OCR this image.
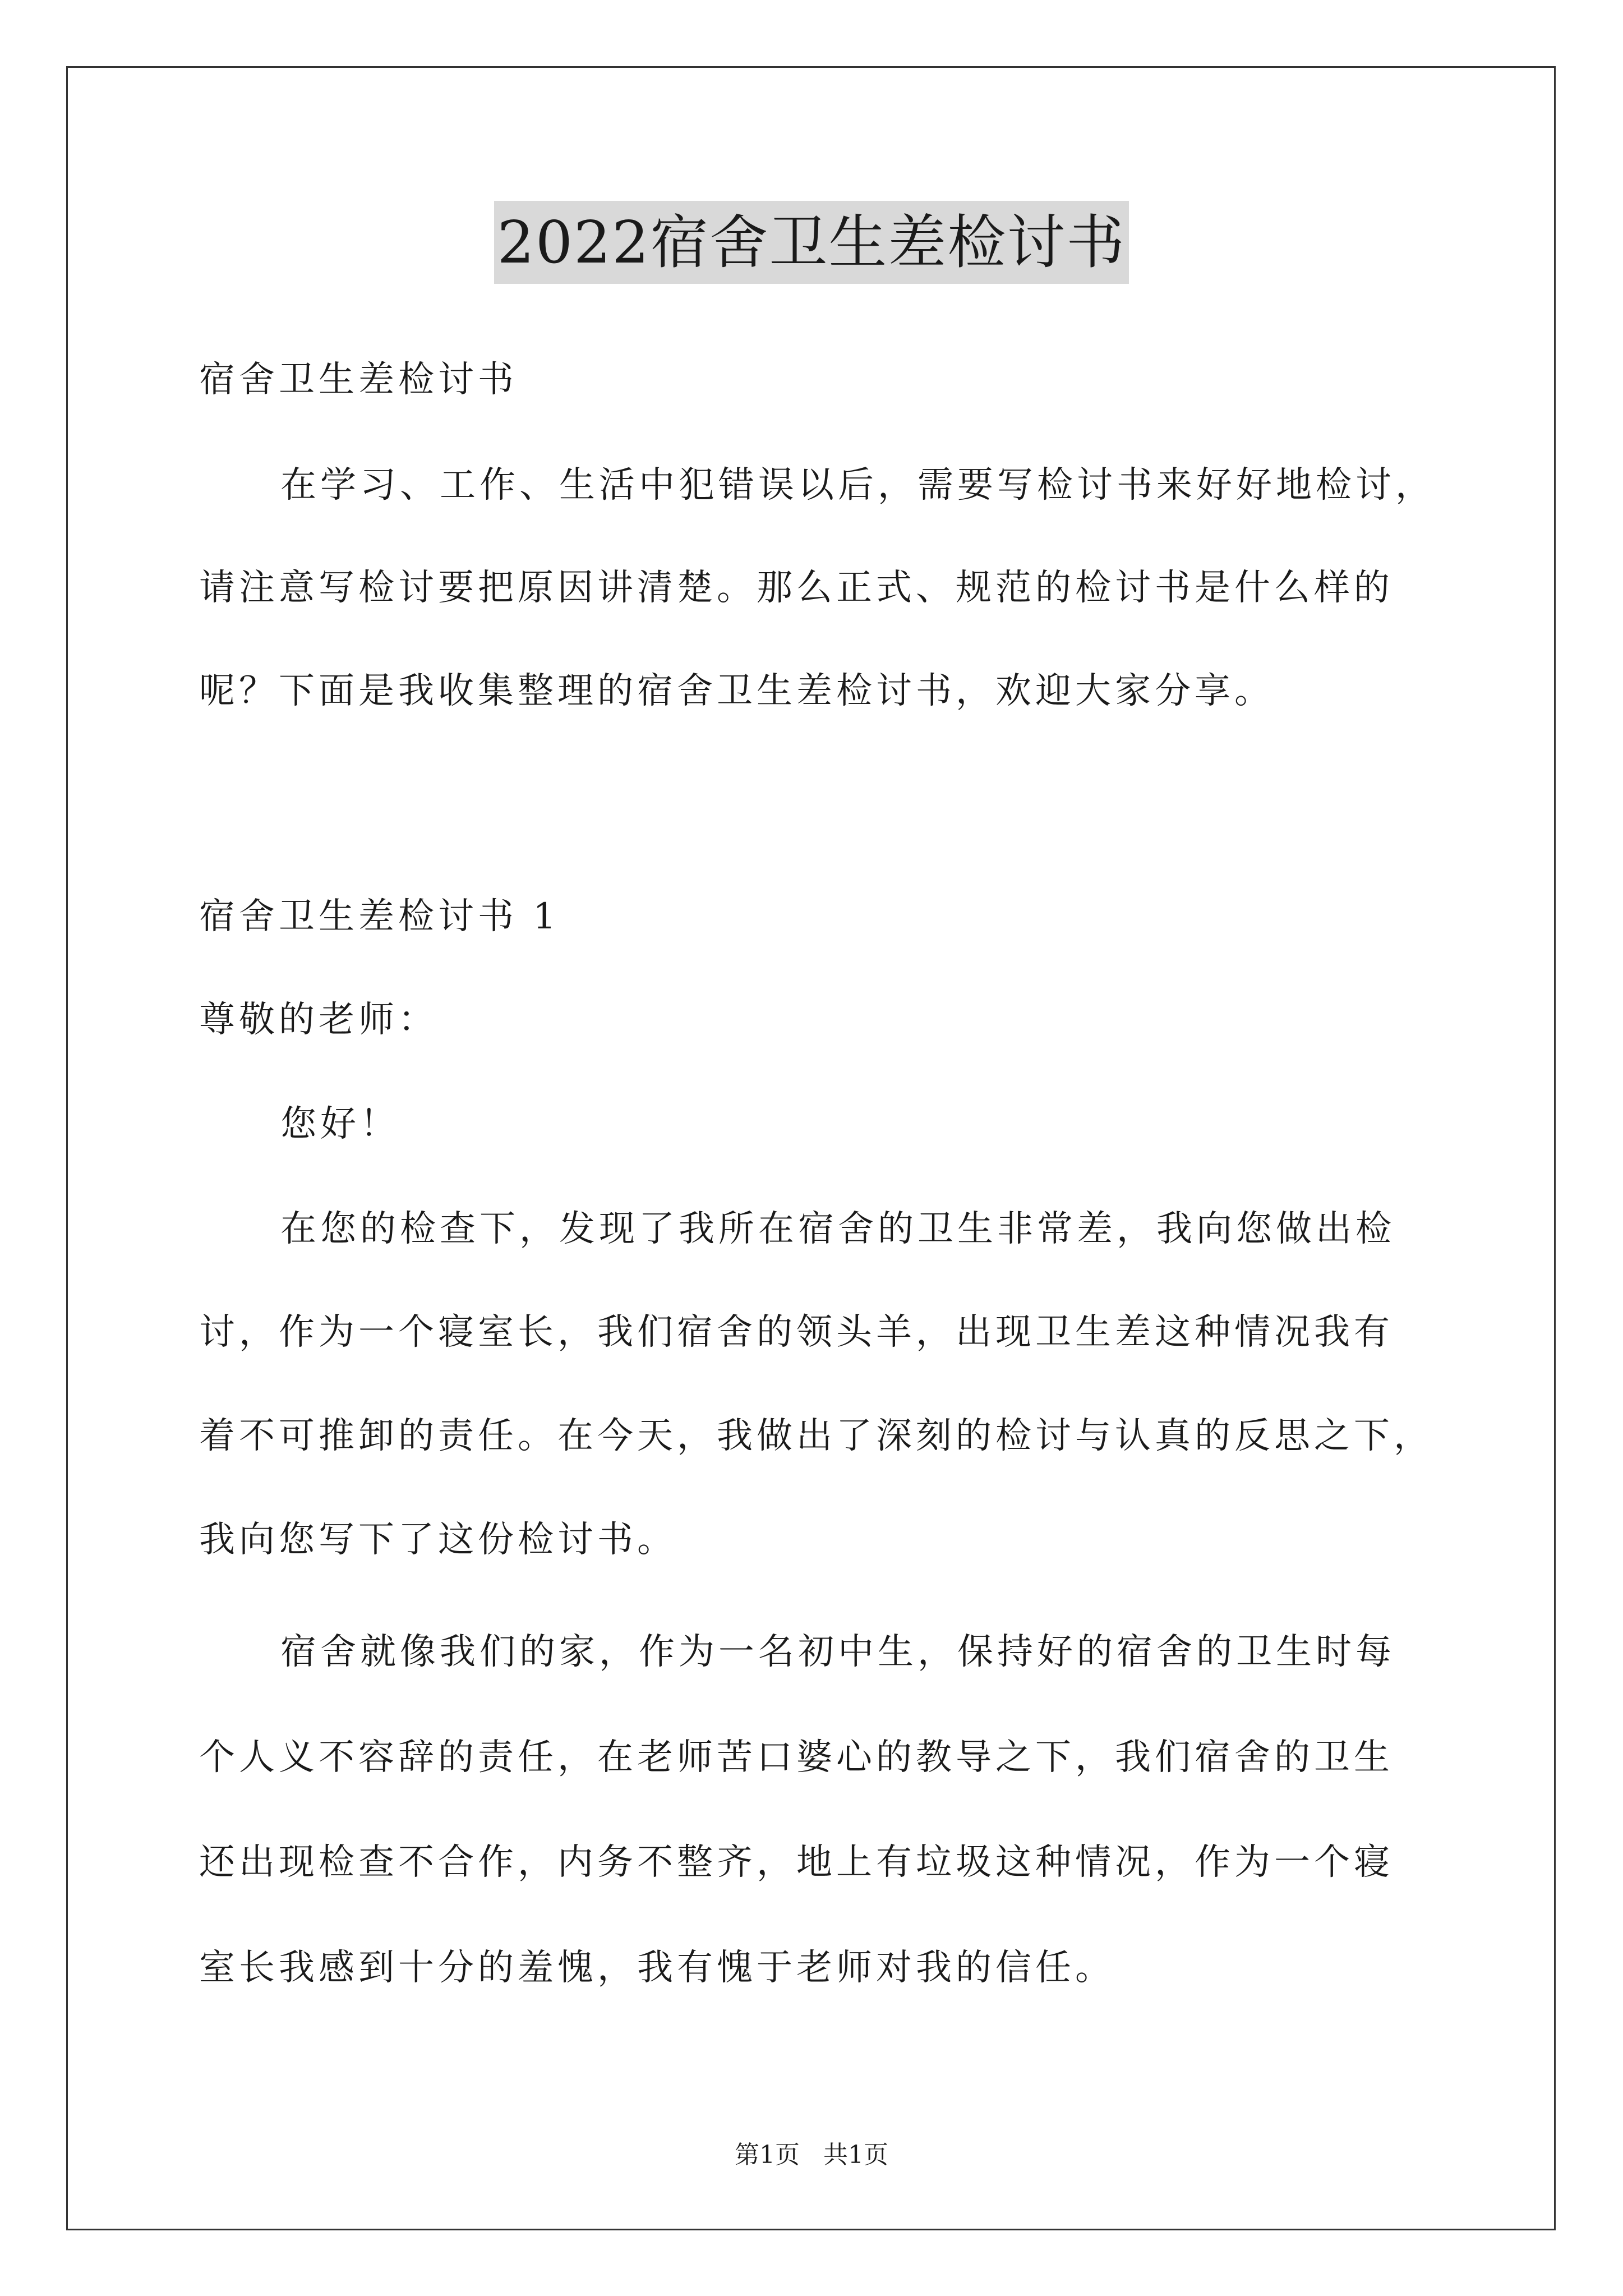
2022宿舍卫生差检讨书
宿舍卫生差检讨书
在学习、工作、生活中犯错误以后，需要写检讨书来好好地检讨，
请注意写检讨要把原因讲清楚。那么正式、规范的检讨书是什么样的
呢？下面是我收集整理的宿舍卫生差检讨书，欢迎大家分享。
宿舍卫生差检讨书 1
尊敬的老师：
您好！
在您的检查下，发现了我所在宿舍的卫生非常差，我向您做出检
讨，作为一个寝室长，我们宿舍的领头羊，出现卫生差这种情况我有
着不可推卸的责任。在今天，我做出了深刻的检讨与认真的反思之下，
我向您写下了这份检讨书。
宿舍就像我们的家，作为一名初中生，保持好的宿舍的卫生时每
个人义不容辞的责任，在老师苦口婆心的教导之下，我们宿舍的卫生
还出现检查不合作，内务不整齐，地上有垃圾这种情况，作为一个寝
室长我感到十分的羞愧，我有愧于老师对我的信任。
第1页 共1页
